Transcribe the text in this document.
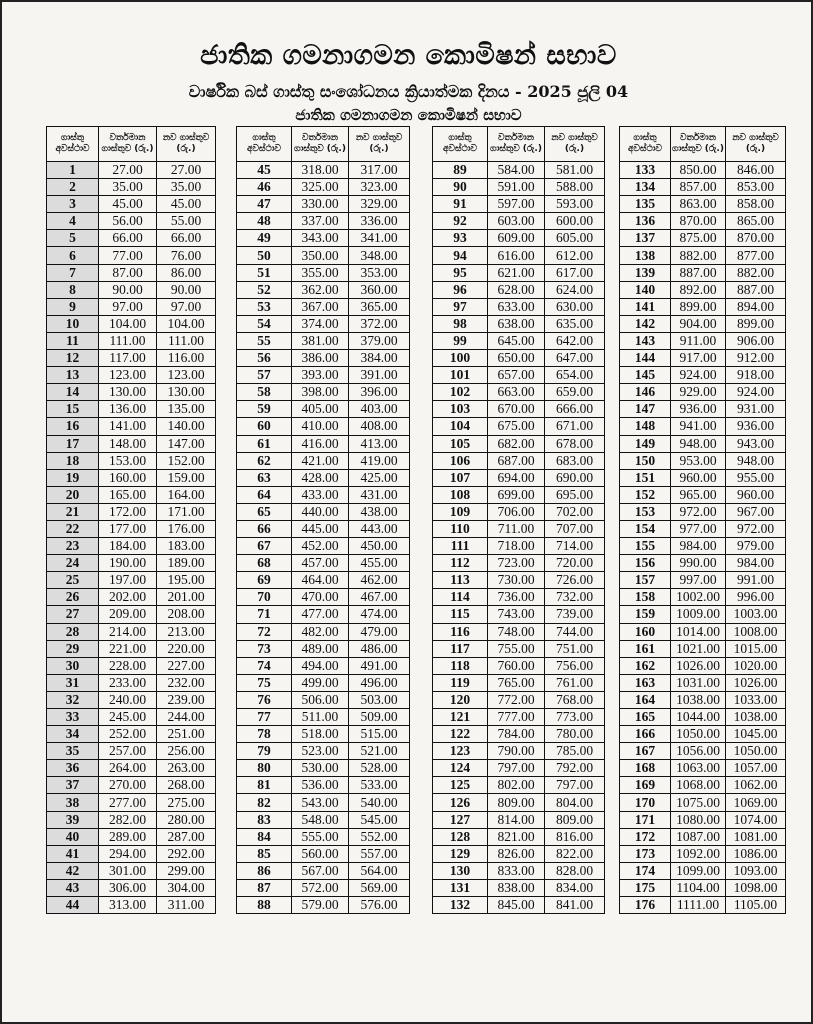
ජාතික ගමනාගමන කොමිෂන් සභාව
වාර්ෂික බස් ගාස්තු සංශෝධනය ක්‍රියාත්මක දිනය - 2025 ජූලි 04
ජාතික ගමනාගමන කොමිෂන් සභාව
ගාස්තු අවස්ථාව	වර්තමාන ගාස්තුව (රු.)	නව ගාස්තුව (රු.)
1	27.00	27.00
2	35.00	35.00
3	45.00	45.00
4	56.00	55.00
5	66.00	66.00
6	77.00	76.00
7	87.00	86.00
8	90.00	90.00
9	97.00	97.00
10	104.00	104.00
11	111.00	111.00
12	117.00	116.00
13	123.00	123.00
14	130.00	130.00
15	136.00	135.00
16	141.00	140.00
17	148.00	147.00
18	153.00	152.00
19	160.00	159.00
20	165.00	164.00
21	172.00	171.00
22	177.00	176.00
23	184.00	183.00
24	190.00	189.00
25	197.00	195.00
26	202.00	201.00
27	209.00	208.00
28	214.00	213.00
29	221.00	220.00
30	228.00	227.00
31	233.00	232.00
32	240.00	239.00
33	245.00	244.00
34	252.00	251.00
35	257.00	256.00
36	264.00	263.00
37	270.00	268.00
38	277.00	275.00
39	282.00	280.00
40	289.00	287.00
41	294.00	292.00
42	301.00	299.00
43	306.00	304.00
44	313.00	311.00
ගාස්තු අවස්ථාව	වර්තමාන ගාස්තුව (රු.)	නව ගාස්තුව (රු.)
45	318.00	317.00
46	325.00	323.00
47	330.00	329.00
48	337.00	336.00
49	343.00	341.00
50	350.00	348.00
51	355.00	353.00
52	362.00	360.00
53	367.00	365.00
54	374.00	372.00
55	381.00	379.00
56	386.00	384.00
57	393.00	391.00
58	398.00	396.00
59	405.00	403.00
60	410.00	408.00
61	416.00	413.00
62	421.00	419.00
63	428.00	425.00
64	433.00	431.00
65	440.00	438.00
66	445.00	443.00
67	452.00	450.00
68	457.00	455.00
69	464.00	462.00
70	470.00	467.00
71	477.00	474.00
72	482.00	479.00
73	489.00	486.00
74	494.00	491.00
75	499.00	496.00
76	506.00	503.00
77	511.00	509.00
78	518.00	515.00
79	523.00	521.00
80	530.00	528.00
81	536.00	533.00
82	543.00	540.00
83	548.00	545.00
84	555.00	552.00
85	560.00	557.00
86	567.00	564.00
87	572.00	569.00
88	579.00	576.00
ගාස්තු අවස්ථාව	වර්තමාන ගාස්තුව (රු.)	නව ගාස්තුව (රු.)
89	584.00	581.00
90	591.00	588.00
91	597.00	593.00
92	603.00	600.00
93	609.00	605.00
94	616.00	612.00
95	621.00	617.00
96	628.00	624.00
97	633.00	630.00
98	638.00	635.00
99	645.00	642.00
100	650.00	647.00
101	657.00	654.00
102	663.00	659.00
103	670.00	666.00
104	675.00	671.00
105	682.00	678.00
106	687.00	683.00
107	694.00	690.00
108	699.00	695.00
109	706.00	702.00
110	711.00	707.00
111	718.00	714.00
112	723.00	720.00
113	730.00	726.00
114	736.00	732.00
115	743.00	739.00
116	748.00	744.00
117	755.00	751.00
118	760.00	756.00
119	765.00	761.00
120	772.00	768.00
121	777.00	773.00
122	784.00	780.00
123	790.00	785.00
124	797.00	792.00
125	802.00	797.00
126	809.00	804.00
127	814.00	809.00
128	821.00	816.00
129	826.00	822.00
130	833.00	828.00
131	838.00	834.00
132	845.00	841.00
ගාස්තු අවස්ථාව	වර්තමාන ගාස්තුව (රු.)	නව ගාස්තුව (රු.)
133	850.00	846.00
134	857.00	853.00
135	863.00	858.00
136	870.00	865.00
137	875.00	870.00
138	882.00	877.00
139	887.00	882.00
140	892.00	887.00
141	899.00	894.00
142	904.00	899.00
143	911.00	906.00
144	917.00	912.00
145	924.00	918.00
146	929.00	924.00
147	936.00	931.00
148	941.00	936.00
149	948.00	943.00
150	953.00	948.00
151	960.00	955.00
152	965.00	960.00
153	972.00	967.00
154	977.00	972.00
155	984.00	979.00
156	990.00	984.00
157	997.00	991.00
158	1002.00	996.00
159	1009.00	1003.00
160	1014.00	1008.00
161	1021.00	1015.00
162	1026.00	1020.00
163	1031.00	1026.00
164	1038.00	1033.00
165	1044.00	1038.00
166	1050.00	1045.00
167	1056.00	1050.00
168	1063.00	1057.00
169	1068.00	1062.00
170	1075.00	1069.00
171	1080.00	1074.00
172	1087.00	1081.00
173	1092.00	1086.00
174	1099.00	1093.00
175	1104.00	1098.00
176	1111.00	1105.00
